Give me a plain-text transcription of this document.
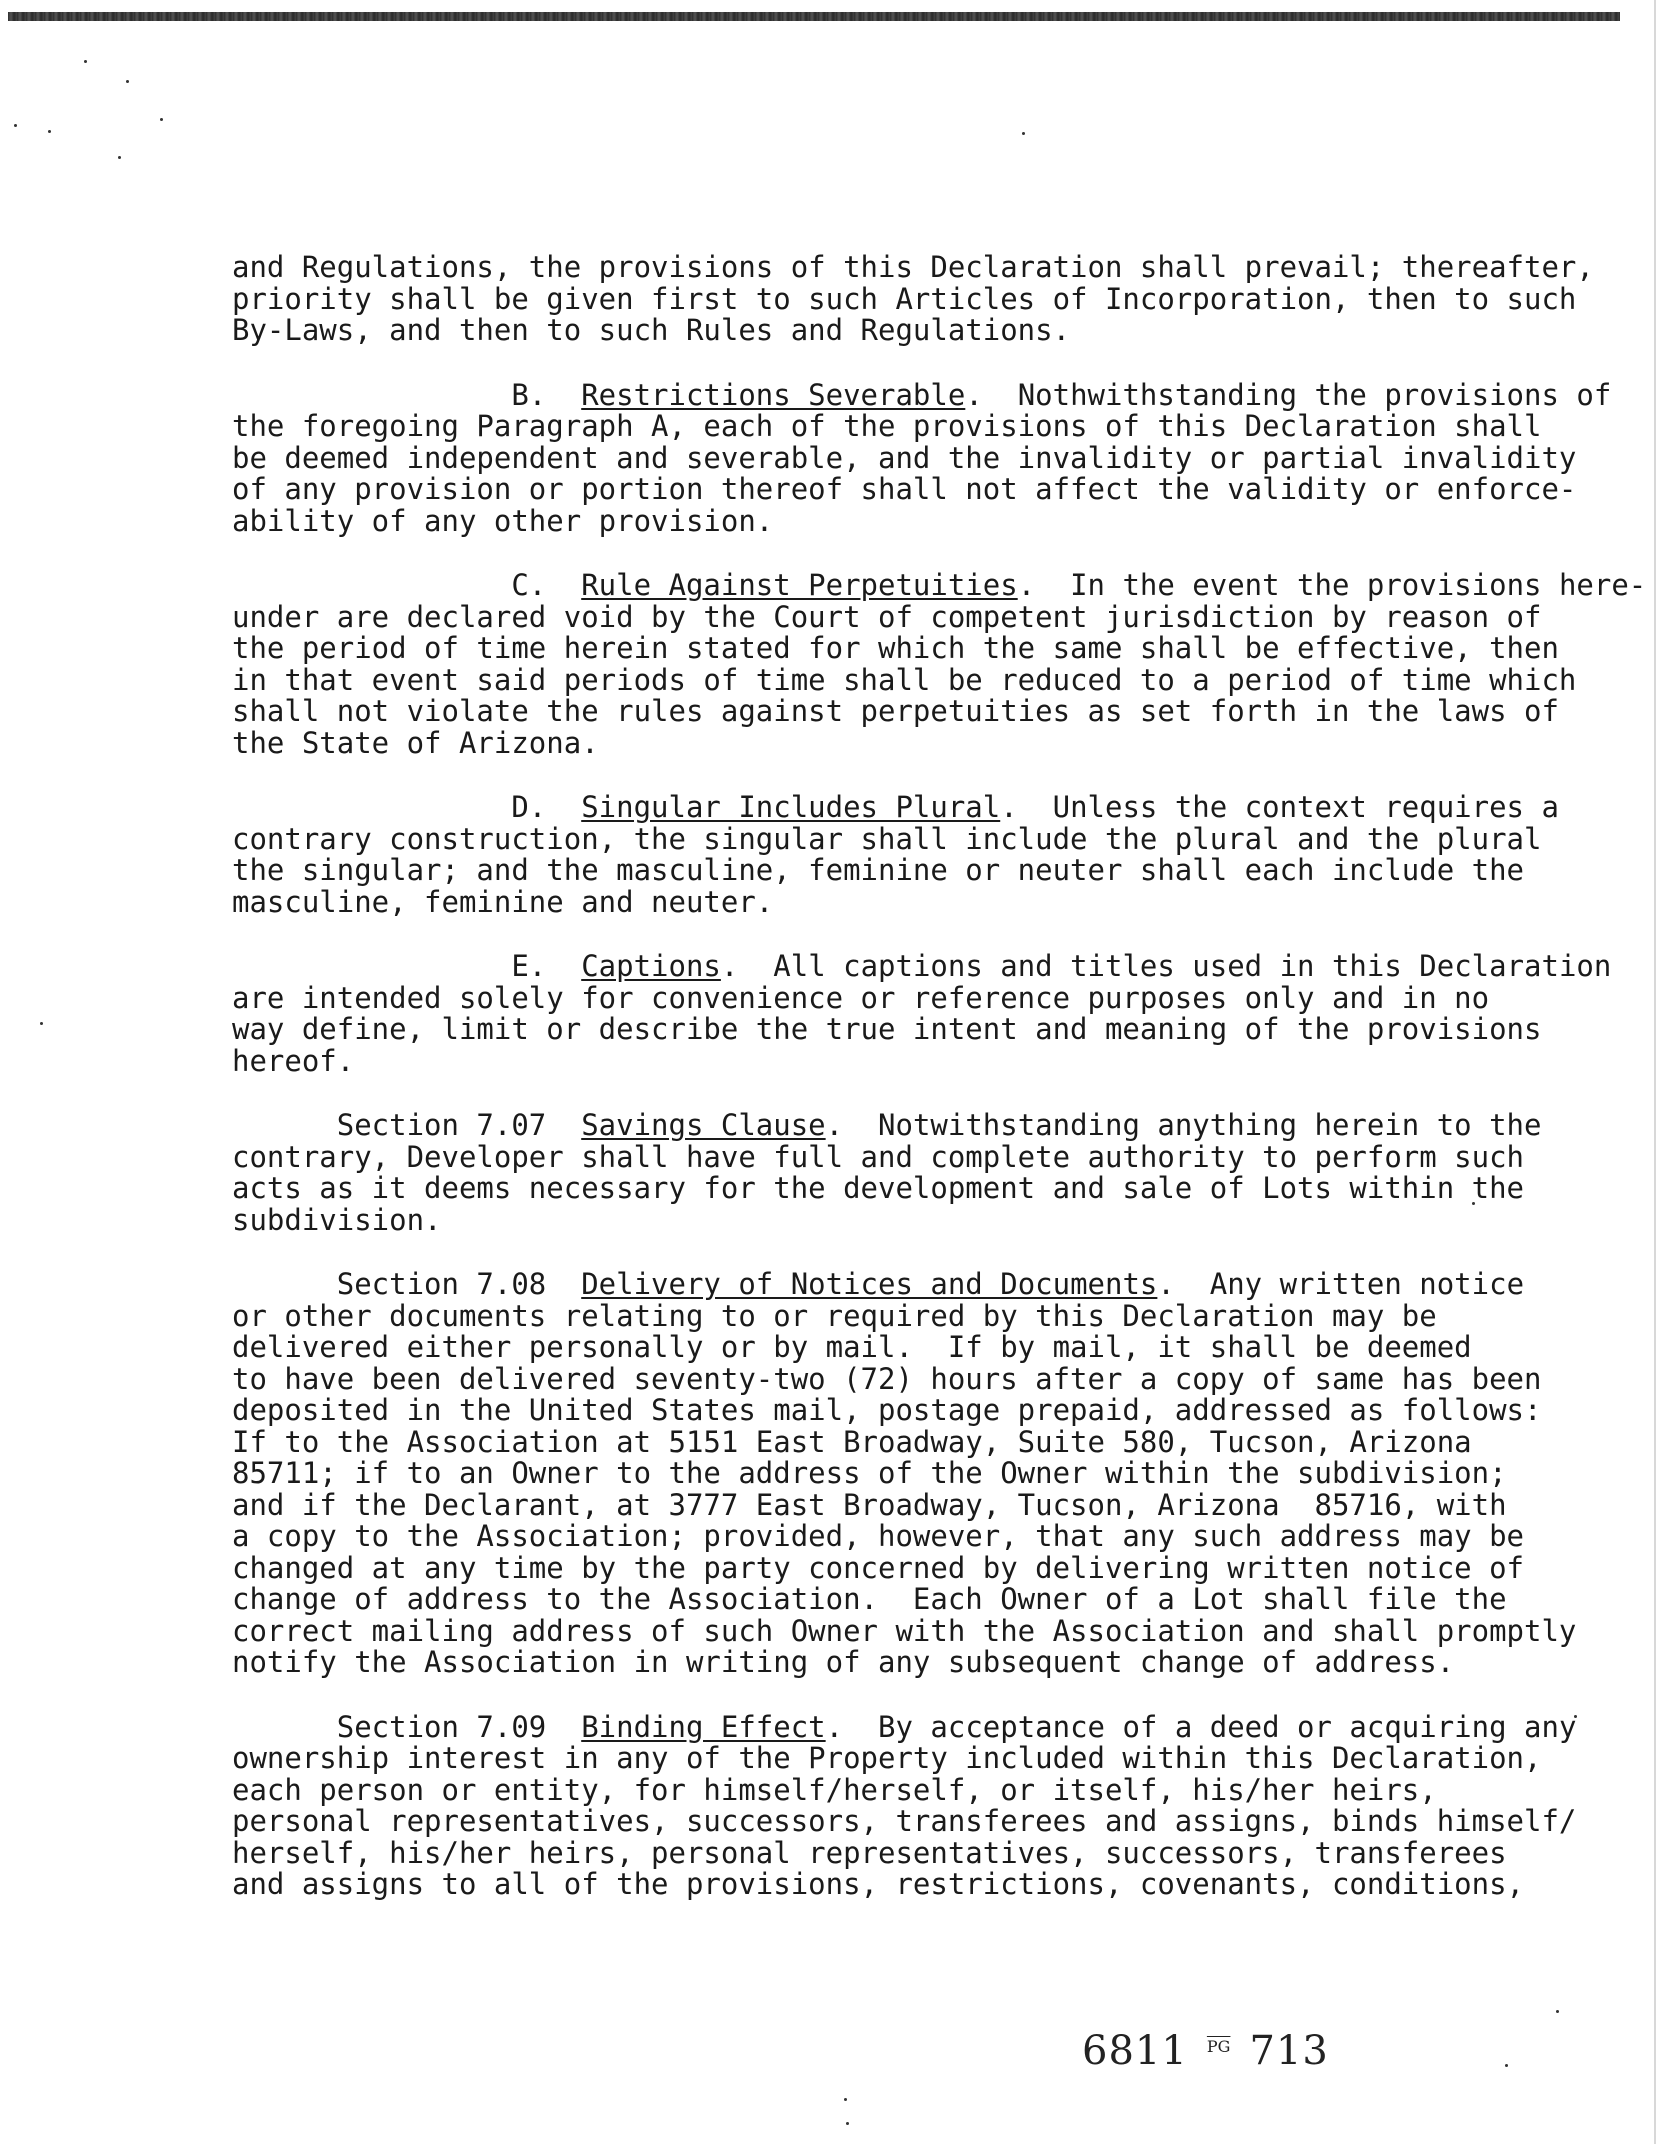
and Regulations, the provisions of this Declaration shall prevail; thereafter,

priority shall be given first to such Articles of Incorporation, then to such

By-Laws, and then to such Rules and Regulations.

B.  Restrictions Severable.  Nothwithstanding the provisions of

the foregoing Paragraph A, each of the provisions of this Declaration shall

be deemed independent and severable, and the invalidity or partial invalidity

of any provision or portion thereof shall not affect the validity or enforce-

ability of any other provision.

C.  Rule Against Perpetuities.  In the event the provisions here-

under are declared void by the Court of competent jurisdiction by reason of

the period of time herein stated for which the same shall be effective, then

in that event said periods of time shall be reduced to a period of time which

shall not violate the rules against perpetuities as set forth in the laws of

the State of Arizona.

D.  Singular Includes Plural.  Unless the context requires a

contrary construction, the singular shall include the plural and the plural

the singular; and the masculine, feminine or neuter shall each include the

masculine, feminine and neuter.

E.  Captions.  All captions and titles used in this Declaration

are intended solely for convenience or reference purposes only and in no

way define, limit or describe the true intent and meaning of the provisions

hereof.

Section 7.07  Savings Clause.  Notwithstanding anything herein to the

contrary, Developer shall have full and complete authority to perform such

acts as it deems necessary for the development and sale of Lots within the

subdivision.

Section 7.08  Delivery of Notices and Documents.  Any written notice

or other documents relating to or required by this Declaration may be

delivered either personally or by mail.  If by mail, it shall be deemed

to have been delivered seventy-two (72) hours after a copy of same has been

deposited in the United States mail, postage prepaid, addressed as follows:

If to the Association at 5151 East Broadway, Suite 580, Tucson, Arizona

85711; if to an Owner to the address of the Owner within the subdivision;

and if the Declarant, at 3777 East Broadway, Tucson, Arizona  85716, with

a copy to the Association; provided, however, that any such address may be

changed at any time by the party concerned by delivering written notice of

change of address to the Association.  Each Owner of a Lot shall file the

correct mailing address of such Owner with the Association and shall promptly

notify the Association in writing of any subsequent change of address.

Section 7.09  Binding Effect.  By acceptance of a deed or acquiring any

ownership interest in any of the Property included within this Declaration,

each person or entity, for himself/herself, or itself, his/her heirs,

personal representatives, successors, transferees and assigns, binds himself/

herself, his/her heirs, personal representatives, successors, transferees

and assigns to all of the provisions, restrictions, covenants, conditions,

6811 $\overline{PG}$ 713
